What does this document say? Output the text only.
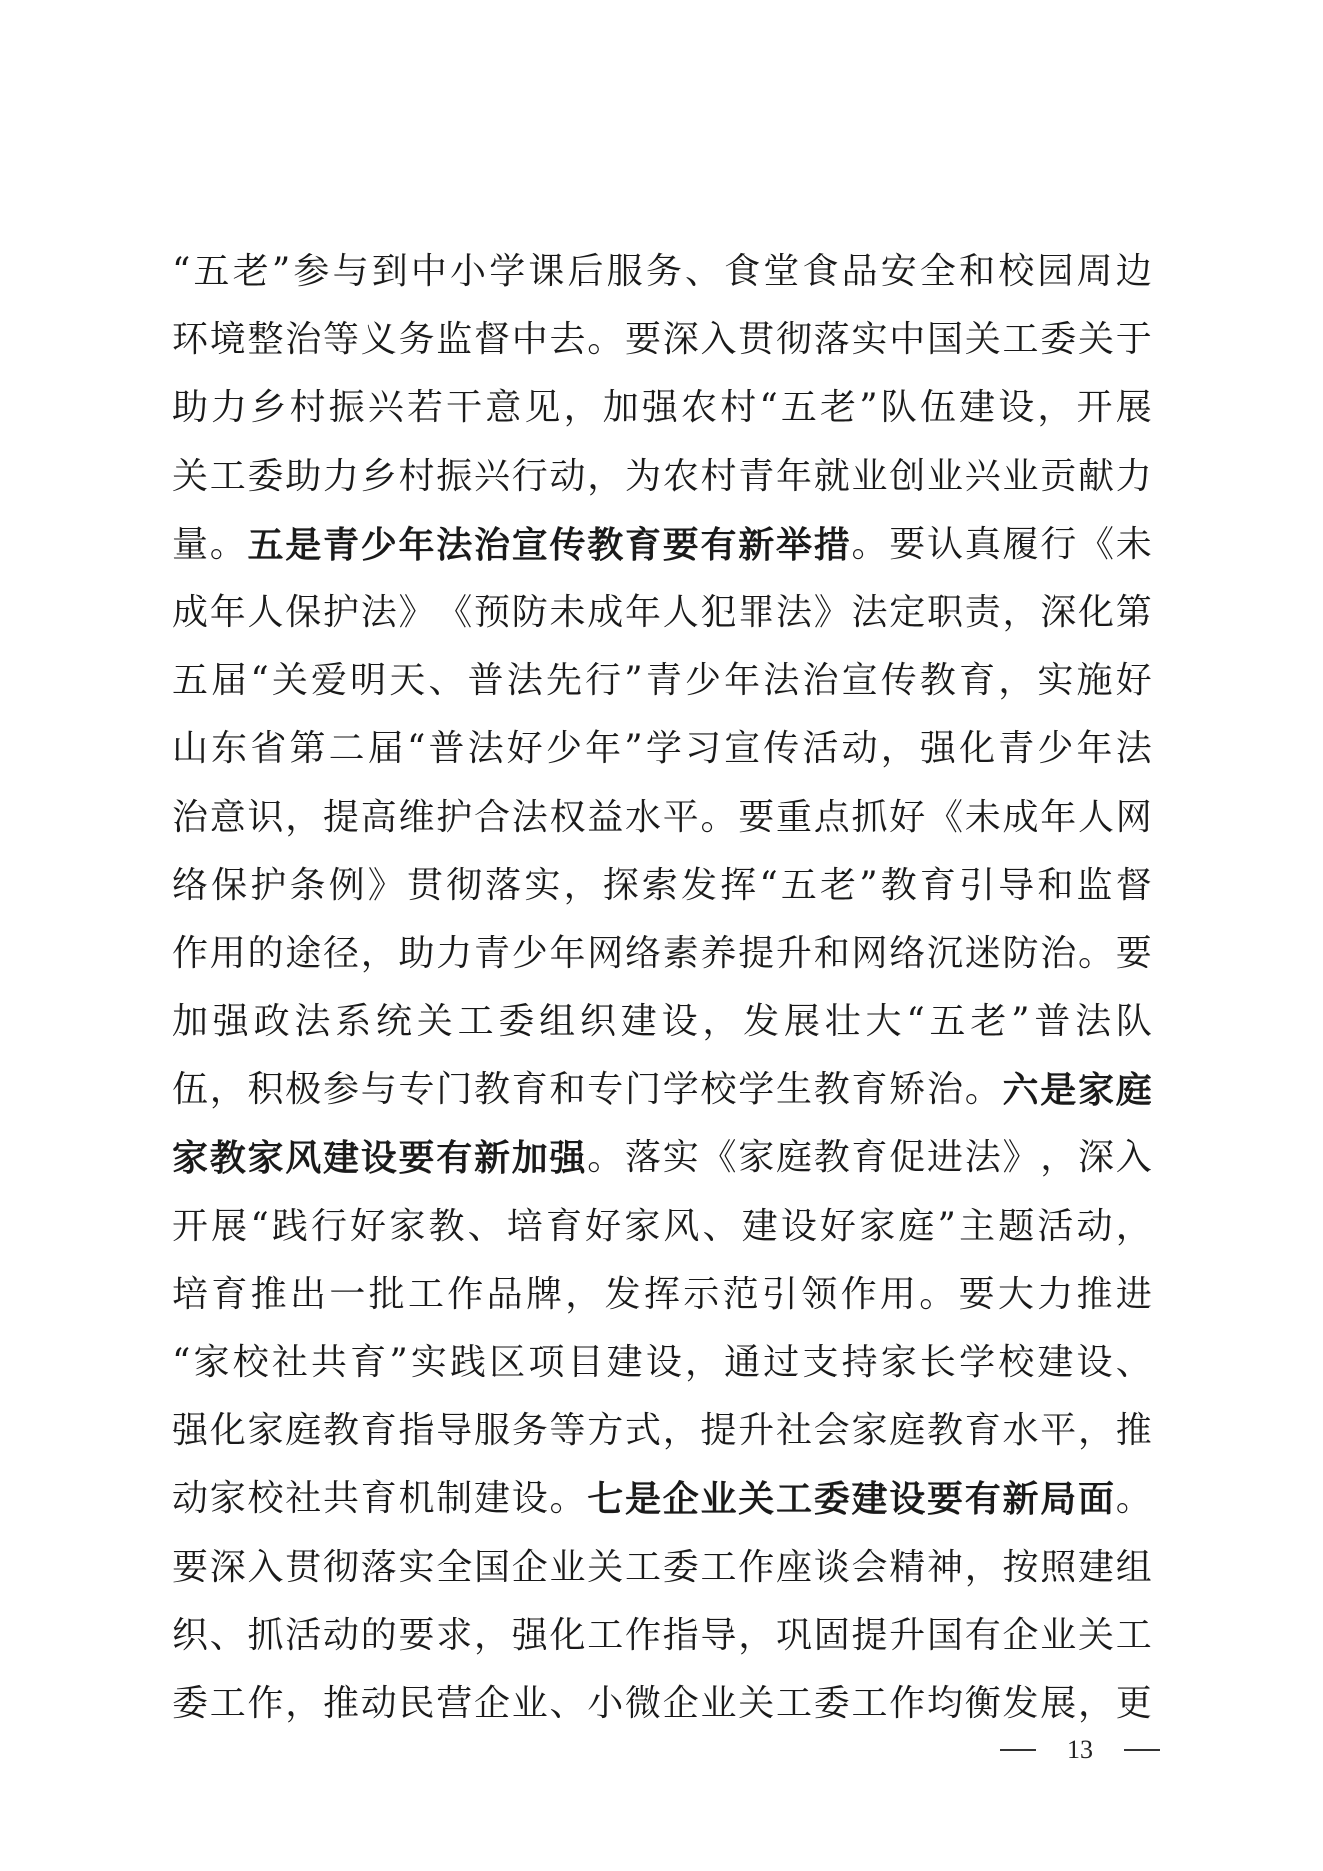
“ 五 老 ” 参 与 到 中 小 学 课 后 服 务 、 食 堂 食 品 安 全 和 校 园 周 边
环 境 整 治 等 义 务 监 督 中 去 。 要 深 入 贯 彻 落 实 中 国 关 工 委 关 于
助 力 乡 村 振 兴 若 干 意 见 ， 加 强 农 村 “ 五 老 ” 队 伍 建 设 ， 开 展
关 工 委 助 力 乡 村 振 兴 行 动 ， 为 农 村 青 年 就 业 创 业 兴 业 贡 献 力
量 。 五 是 青 少 年 法 治 宣 传 教 育 要 有 新 举 措 。 要 认 真 履 行 《 未
成 年 人 保 护 法 》 《 预 防 未 成 年 人 犯 罪 法 》 法 定 职 责 ， 深 化 第
五 届 “ 关 爱 明 天 、 普 法 先 行 ” 青 少 年 法 治 宣 传 教 育 ， 实 施 好
山 东 省 第 二 届 “ 普 法 好 少 年 ” 学 习 宣 传 活 动 ， 强 化 青 少 年 法
治 意 识 ， 提 高 维 护 合 法 权 益 水 平 。 要 重 点 抓 好 《 未 成 年 人 网
络 保 护 条 例 》 贯 彻 落 实 ， 探 索 发 挥 “ 五 老 ” 教 育 引 导 和 监 督
作 用 的 途 径 ， 助 力 青 少 年 网 络 素 养 提 升 和 网 络 沉 迷 防 治 。 要
加 强 政 法 系 统 关 工 委 组 织 建 设 ， 发 展 壮 大 “ 五 老 ” 普 法 队
伍 ， 积 极 参 与 专 门 教 育 和 专 门 学 校 学 生 教 育 矫 治 。 六 是 家 庭
家 教 家 风 建 设 要 有 新 加 强 。 落 实 《 家 庭 教 育 促 进 法 》 ， 深 入
开 展 “ 践 行 好 家 教 、 培 育 好 家 风 、 建 设 好 家 庭 ” 主 题 活 动 ，
培 育 推 出 一 批 工 作 品 牌 ， 发 挥 示 范 引 领 作 用 。 要 大 力 推 进
“ 家 校 社 共 育 ” 实 践 区 项 目 建 设 ， 通 过 支 持 家 长 学 校 建 设 、
强 化 家 庭 教 育 指 导 服 务 等 方 式 ， 提 升 社 会 家 庭 教 育 水 平 ， 推
动 家 校 社 共 育 机 制 建 设 。 七 是 企 业 关 工 委 建 设 要 有 新 局 面 。
要 深 入 贯 彻 落 实 全 国 企 业 关 工 委 工 作 座 谈 会 精 神 ， 按 照 建 组
织 、 抓 活 动 的 要 求 ， 强 化 工 作 指 导 ， 巩 固 提 升 国 有 企 业 关 工
委 工 作 ， 推 动 民 营 企 业 、 小 微 企 业 关 工 委 工 作 均 衡 发 展 ， 更
13
